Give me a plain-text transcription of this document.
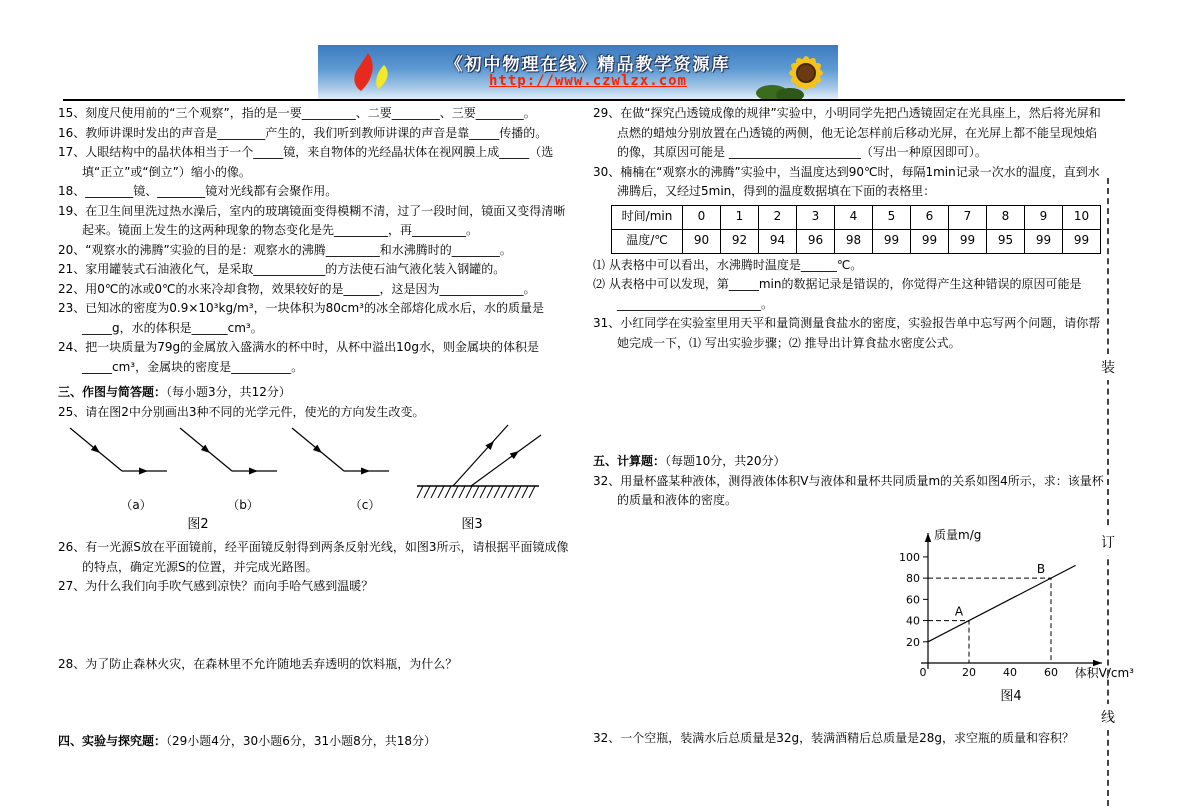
《初中物理在线》精品教学资源库
http://www.czwlzx.com

15、刻度尺使用前的“三个观察”，指的是一要_________、二要________、三要________。

16、教师讲课时发出的声音是________产生的，我们听到教师讲课的声音是靠_____传播的。

17、人眼结构中的晶状体相当于一个_____镜，来自物体的光经晶状体在视网膜上成_____（选填“正立”或“倒立”）缩小的像。

18、________镜、________镜对光线都有会聚作用。

19、在卫生间里洗过热水澡后，室内的玻璃镜面变得模糊不清，过了一段时间，镜面又变得清晰起来。镜面上发生的这两种现象的物态变化是先_________，再_________。

20、“观察水的沸腾”实验的目的是：观察水的沸腾_________和水沸腾时的________。

21、家用罐装式石油液化气，是采取____________的方法使石油气液化装入钢罐的。

22、用0℃的冰或0℃的水来冷却食物，效果较好的是______，这是因为______________。

23、已知冰的密度为0.9×10³kg/m³，一块体积为80cm³的冰全部熔化成水后，水的质量是_____g，水的体积是______cm³。

24、把一块质量为79g的金属放入盛满水的杯中时，从杯中溢出10g水，则金属块的体积是_____cm³，金属块的密度是__________。

三、作图与简答题：（每小题3分，共12分）

25、请在图2中分别画出3种不同的光学元件，使光的方向发生改变。

（a）	（b）	（c）
图2	图3

26、有一光源S放在平面镜前，经平面镜反射得到两条反射光线，如图3所示，请根据平面镜成像的特点，确定光源S的位置，并完成光路图。

27、为什么我们向手吹气感到凉快？而向手哈气感到温暖？

28、为了防止森林火灾，在森林里不允许随地丢弃透明的饮料瓶，为什么？

四、实验与探究题：（29小题4分，30小题6分，31小题8分，共18分）

29、在做“探究凸透镜成像的规律”实验中，小明同学先把凸透镜固定在光具座上，然后将光屏和点燃的蜡烛分别放置在凸透镜的两侧，他无论怎样前后移动光屏，在光屏上都不能呈现烛焰的像，其原因可能是 ______________________（写出一种原因即可）。

30、楠楠在“观察水的沸腾”实验中，当温度达到90℃时，每隔1min记录一次水的温度，直到水沸腾后，又经过5min，得到的温度数据填在下面的表格里：

时间/min	0	1	2	3	4	5	6	7	8	9	10
温度/℃	90	92	94	96	98	99	99	99	95	99	99

⑴ 从表格中可以看出，水沸腾时温度是______℃。

⑵ 从表格中可以发现，第_____min的数据记录是错误的，你觉得产生这种错误的原因可能是________________________。

31、小红同学在实验室里用天平和量筒测量食盐水的密度，实验报告单中忘写两个问题，请你帮她完成一下，⑴ 写出实验步骤；⑵ 推导出计算食盐水密度公式。

五、计算题：（每题10分，共20分）

32、用量杯盛某种液体，测得液体体积V与液体和量杯共同质量m的关系如图4所示，求：该量杯的质量和液体的密度。

质量m/g
体积V/cm³
20
40
60
80
100
0	20 40 60
A
B
图4

32、一个空瓶，装满水后总质量是32g，装满酒精后总质量是28g，求空瓶的质量和容积？

装
订
线
